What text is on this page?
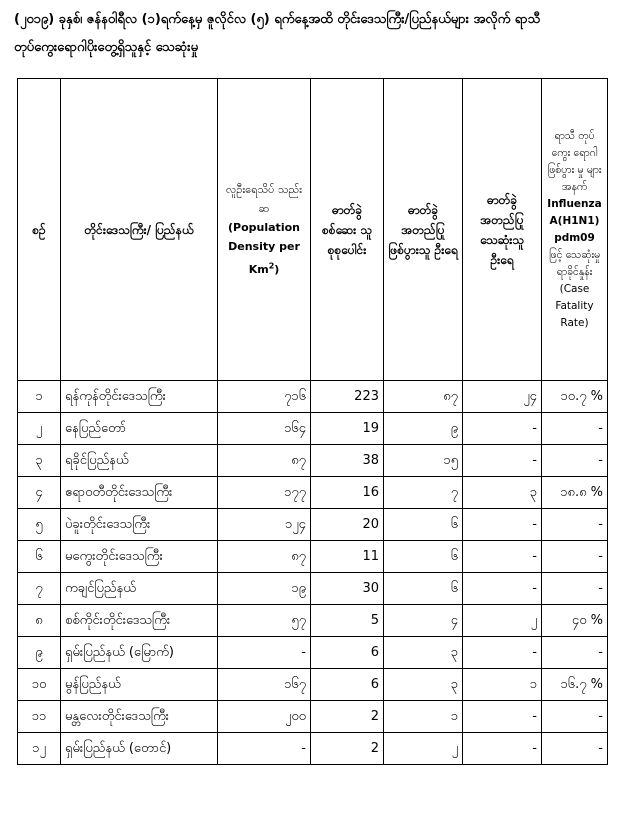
(၂၀၁၉) ခုနှစ်၊ ဇန်နဝါရီလ (၁)ရက်နေ့မှ ဇူလိုင်လ (၅) ရက်နေ့အထိ တိုင်းဒေသကြီး/ပြည်နယ်များ အလိုက် ရာသီတုပ်ကွေးရောဂါပိုးတွေ့ရှိသူနှင့် သေဆုံးမှု
စဉ်	တိုင်းဒေသကြီး/ ပြည်နယ်	လူဦးရေသိပ် သည်းဆ
(Population Density per Km$^2$)	ဓာတ်ခွဲ စစ်ဆေး သူ စုစုပေါင်း	ဓာတ်ခွဲ အတည်ပြု ဖြစ်ပွားသူ ဦးရေ	ဓာတ်ခွဲ အတည်ပြု သေဆုံးသူ ဦးရေ	ရာသီ တုပ်ကွေး ရောဂါ ဖြစ်ပွား မှု များ အနက်
Influenza A(H1N1) pdm09
ဖြင့် သေဆုံးမှု ရာခိုင်နှုန်း
(Case Fatality Rate)
၁	ရန်ကုန်တိုင်းဒေသကြီး	၇၁၆	223	၈၇	၂၄	၁၀.၇ %
၂	နေပြည်တော်	၁၆၄	19	၉	-	-
၃	ရခိုင်ပြည်နယ်	၈၇	38	၁၅	-	-
၄	ဧရာဝတီတိုင်းဒေသကြီး	၁၇၇	16	၇	၃	၁၈.၈ %
၅	ပဲခူးတိုင်းဒေသကြီး	၁၂၄	20	၆	-	-
၆	မကွေးတိုင်းဒေသကြီး	၈၇	11	၆	-	-
၇	ကချင်ပြည်နယ်	၁၉	30	၆	-	-
၈	စစ်ကိုင်းတိုင်းဒေသကြီး	၅၇	5	၄	၂	၄၀ %
၉	ရှမ်းပြည်နယ် (မြောက်)	-	6	၃	-	-
၁၀	မွန်ပြည်နယ်	၁၆၇	6	၃	၁	၁၆.၇ %
၁၁	မန္တလေးတိုင်းဒေသကြီး	၂၀၀	2	၁	-	-
၁၂	ရှမ်းပြည်နယ် (တောင်)	-	2	၂	-	-
